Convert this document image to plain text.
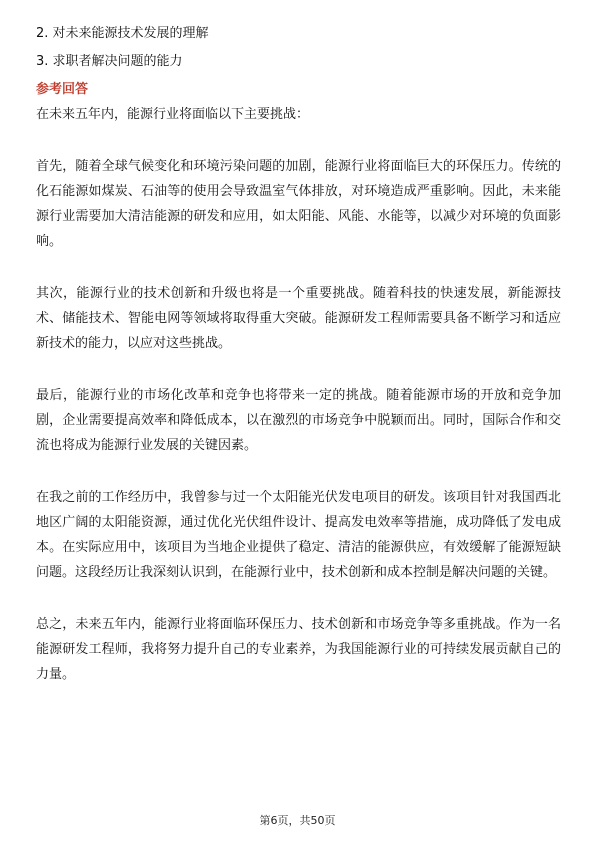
2. 对未来能源技术发展的理解
3. 求职者解决问题的能力
参考回答

在未来五年内，能源行业将面临以下主要挑战：

首先，随着全球气候变化和环境污染问题的加剧，能源行业将面临巨大的环保压力。传统的化石能源如煤炭、石油等的使用会导致温室气体排放，对环境造成严重影响。因此，未来能源行业需要加大清洁能源的研发和应用，如太阳能、风能、水能等，以减少对环境的负面影响。

其次，能源行业的技术创新和升级也将是一个重要挑战。随着科技的快速发展，新能源技术、储能技术、智能电网等领域将取得重大突破。能源研发工程师需要具备不断学习和适应新技术的能力，以应对这些挑战。

最后，能源行业的市场化改革和竞争也将带来一定的挑战。随着能源市场的开放和竞争加剧，企业需要提高效率和降低成本，以在激烈的市场竞争中脱颖而出。同时，国际合作和交流也将成为能源行业发展的关键因素。

在我之前的工作经历中，我曾参与过一个太阳能光伏发电项目的研发。该项目针对我国西北地区广阔的太阳能资源，通过优化光伏组件设计、提高发电效率等措施，成功降低了发电成本。在实际应用中，该项目为当地企业提供了稳定、清洁的能源供应，有效缓解了能源短缺问题。这段经历让我深刻认识到，在能源行业中，技术创新和成本控制是解决问题的关键。

总之，未来五年内，能源行业将面临环保压力、技术创新和市场竞争等多重挑战。作为一名能源研发工程师，我将努力提升自己的专业素养，为我国能源行业的可持续发展贡献自己的力量。

第6页，共50页
